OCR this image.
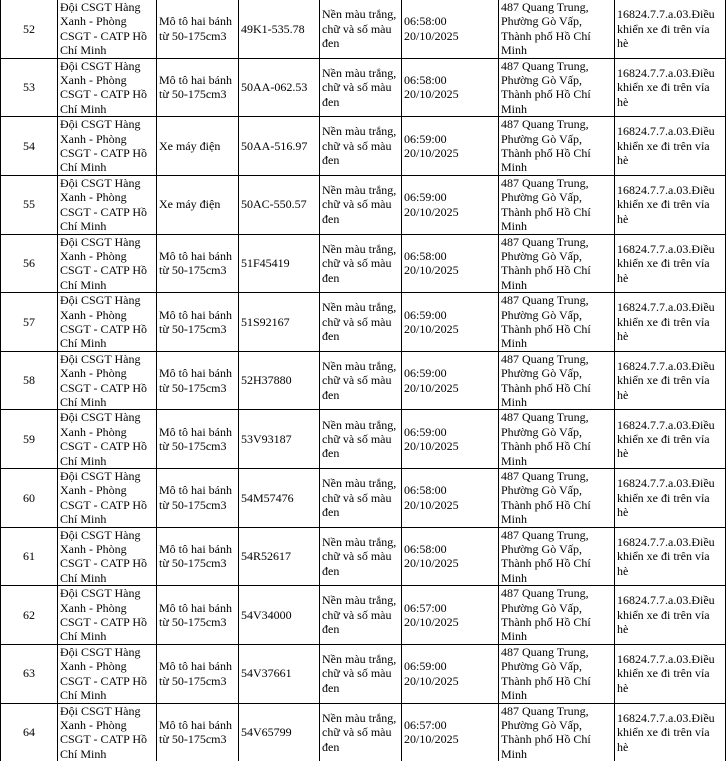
52	Đội CSGT Hàng Xanh - Phòng CSGT - CATP Hồ Chí Minh	Mô tô hai bánh từ 50-175cm3	49K1-535.78	Nền màu trắng, chữ và số màu đen	06:58:00 20/10/2025	487 Quang Trung, Phường Gò Vấp, Thành phố Hồ Chí Minh	16824.7.7.a.03.Điều khiển xe đi trên vỉa hè
53	Đội CSGT Hàng Xanh - Phòng CSGT - CATP Hồ Chí Minh	Mô tô hai bánh từ 50-175cm3	50AA-062.53	Nền màu trắng, chữ và số màu đen	06:58:00 20/10/2025	487 Quang Trung, Phường Gò Vấp, Thành phố Hồ Chí Minh	16824.7.7.a.03.Điều khiển xe đi trên vỉa hè
54	Đội CSGT Hàng Xanh - Phòng CSGT - CATP Hồ Chí Minh	Xe máy điện	50AA-516.97	Nền màu trắng, chữ và số màu đen	06:59:00 20/10/2025	487 Quang Trung, Phường Gò Vấp, Thành phố Hồ Chí Minh	16824.7.7.a.03.Điều khiển xe đi trên vỉa hè
55	Đội CSGT Hàng Xanh - Phòng CSGT - CATP Hồ Chí Minh	Xe máy điện	50AC-550.57	Nền màu trắng, chữ và số màu đen	06:59:00 20/10/2025	487 Quang Trung, Phường Gò Vấp, Thành phố Hồ Chí Minh	16824.7.7.a.03.Điều khiển xe đi trên vỉa hè
56	Đội CSGT Hàng Xanh - Phòng CSGT - CATP Hồ Chí Minh	Mô tô hai bánh từ 50-175cm3	51F45419	Nền màu trắng, chữ và số màu đen	06:58:00 20/10/2025	487 Quang Trung, Phường Gò Vấp, Thành phố Hồ Chí Minh	16824.7.7.a.03.Điều khiển xe đi trên vỉa hè
57	Đội CSGT Hàng Xanh - Phòng CSGT - CATP Hồ Chí Minh	Mô tô hai bánh từ 50-175cm3	51S92167	Nền màu trắng, chữ và số màu đen	06:59:00 20/10/2025	487 Quang Trung, Phường Gò Vấp, Thành phố Hồ Chí Minh	16824.7.7.a.03.Điều khiển xe đi trên vỉa hè
58	Đội CSGT Hàng Xanh - Phòng CSGT - CATP Hồ Chí Minh	Mô tô hai bánh từ 50-175cm3	52H37880	Nền màu trắng, chữ và số màu đen	06:59:00 20/10/2025	487 Quang Trung, Phường Gò Vấp, Thành phố Hồ Chí Minh	16824.7.7.a.03.Điều khiển xe đi trên vỉa hè
59	Đội CSGT Hàng Xanh - Phòng CSGT - CATP Hồ Chí Minh	Mô tô hai bánh từ 50-175cm3	53V93187	Nền màu trắng, chữ và số màu đen	06:59:00 20/10/2025	487 Quang Trung, Phường Gò Vấp, Thành phố Hồ Chí Minh	16824.7.7.a.03.Điều khiển xe đi trên vỉa hè
60	Đội CSGT Hàng Xanh - Phòng CSGT - CATP Hồ Chí Minh	Mô tô hai bánh từ 50-175cm3	54M57476	Nền màu trắng, chữ và số màu đen	06:58:00 20/10/2025	487 Quang Trung, Phường Gò Vấp, Thành phố Hồ Chí Minh	16824.7.7.a.03.Điều khiển xe đi trên vỉa hè
61	Đội CSGT Hàng Xanh - Phòng CSGT - CATP Hồ Chí Minh	Mô tô hai bánh từ 50-175cm3	54R52617	Nền màu trắng, chữ và số màu đen	06:58:00 20/10/2025	487 Quang Trung, Phường Gò Vấp, Thành phố Hồ Chí Minh	16824.7.7.a.03.Điều khiển xe đi trên vỉa hè
62	Đội CSGT Hàng Xanh - Phòng CSGT - CATP Hồ Chí Minh	Mô tô hai bánh từ 50-175cm3	54V34000	Nền màu trắng, chữ và số màu đen	06:57:00 20/10/2025	487 Quang Trung, Phường Gò Vấp, Thành phố Hồ Chí Minh	16824.7.7.a.03.Điều khiển xe đi trên vỉa hè
63	Đội CSGT Hàng Xanh - Phòng CSGT - CATP Hồ Chí Minh	Mô tô hai bánh từ 50-175cm3	54V37661	Nền màu trắng, chữ và số màu đen	06:59:00 20/10/2025	487 Quang Trung, Phường Gò Vấp, Thành phố Hồ Chí Minh	16824.7.7.a.03.Điều khiển xe đi trên vỉa hè
64	Đội CSGT Hàng Xanh - Phòng CSGT - CATP Hồ Chí Minh	Mô tô hai bánh từ 50-175cm3	54V65799	Nền màu trắng, chữ và số màu đen	06:57:00 20/10/2025	487 Quang Trung, Phường Gò Vấp, Thành phố Hồ Chí Minh	16824.7.7.a.03.Điều khiển xe đi trên vỉa hè
